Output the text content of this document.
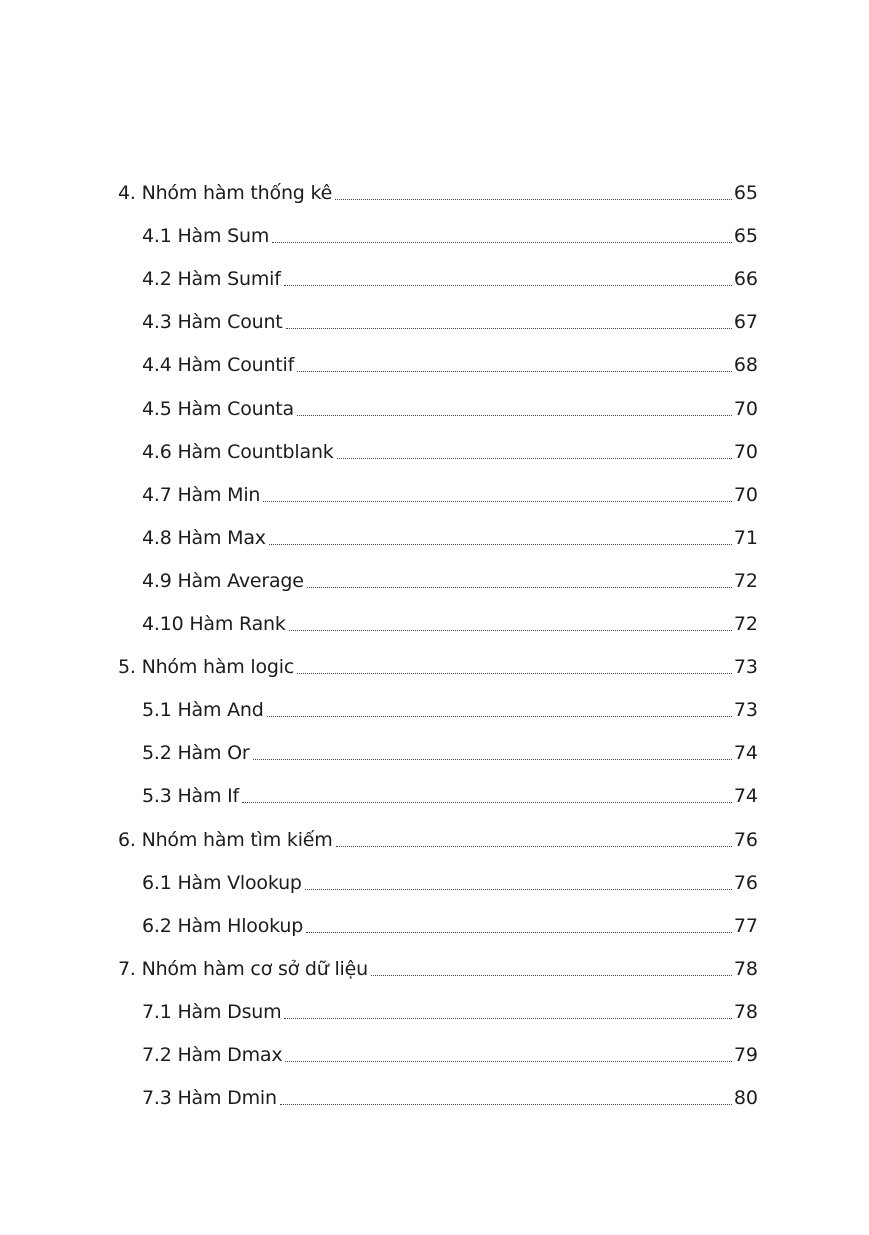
4. Nhóm hàm thống kê	65
4.1 Hàm Sum	65
4.2 Hàm Sumif	66
4.3 Hàm Count	67
4.4 Hàm Countif	68
4.5 Hàm Counta	70
4.6 Hàm Countblank	70
4.7 Hàm Min	70
4.8 Hàm Max	71
4.9 Hàm Average	72
4.10 Hàm Rank	72
5. Nhóm hàm logic	73
5.1 Hàm And	73
5.2 Hàm Or	74
5.3 Hàm If	74
6. Nhóm hàm tìm kiếm	76
6.1 Hàm Vlookup	76
6.2 Hàm Hlookup	77
7. Nhóm hàm cơ sở dữ liệu	78
7.1 Hàm Dsum	78
7.2 Hàm Dmax	79
7.3 Hàm Dmin	80
